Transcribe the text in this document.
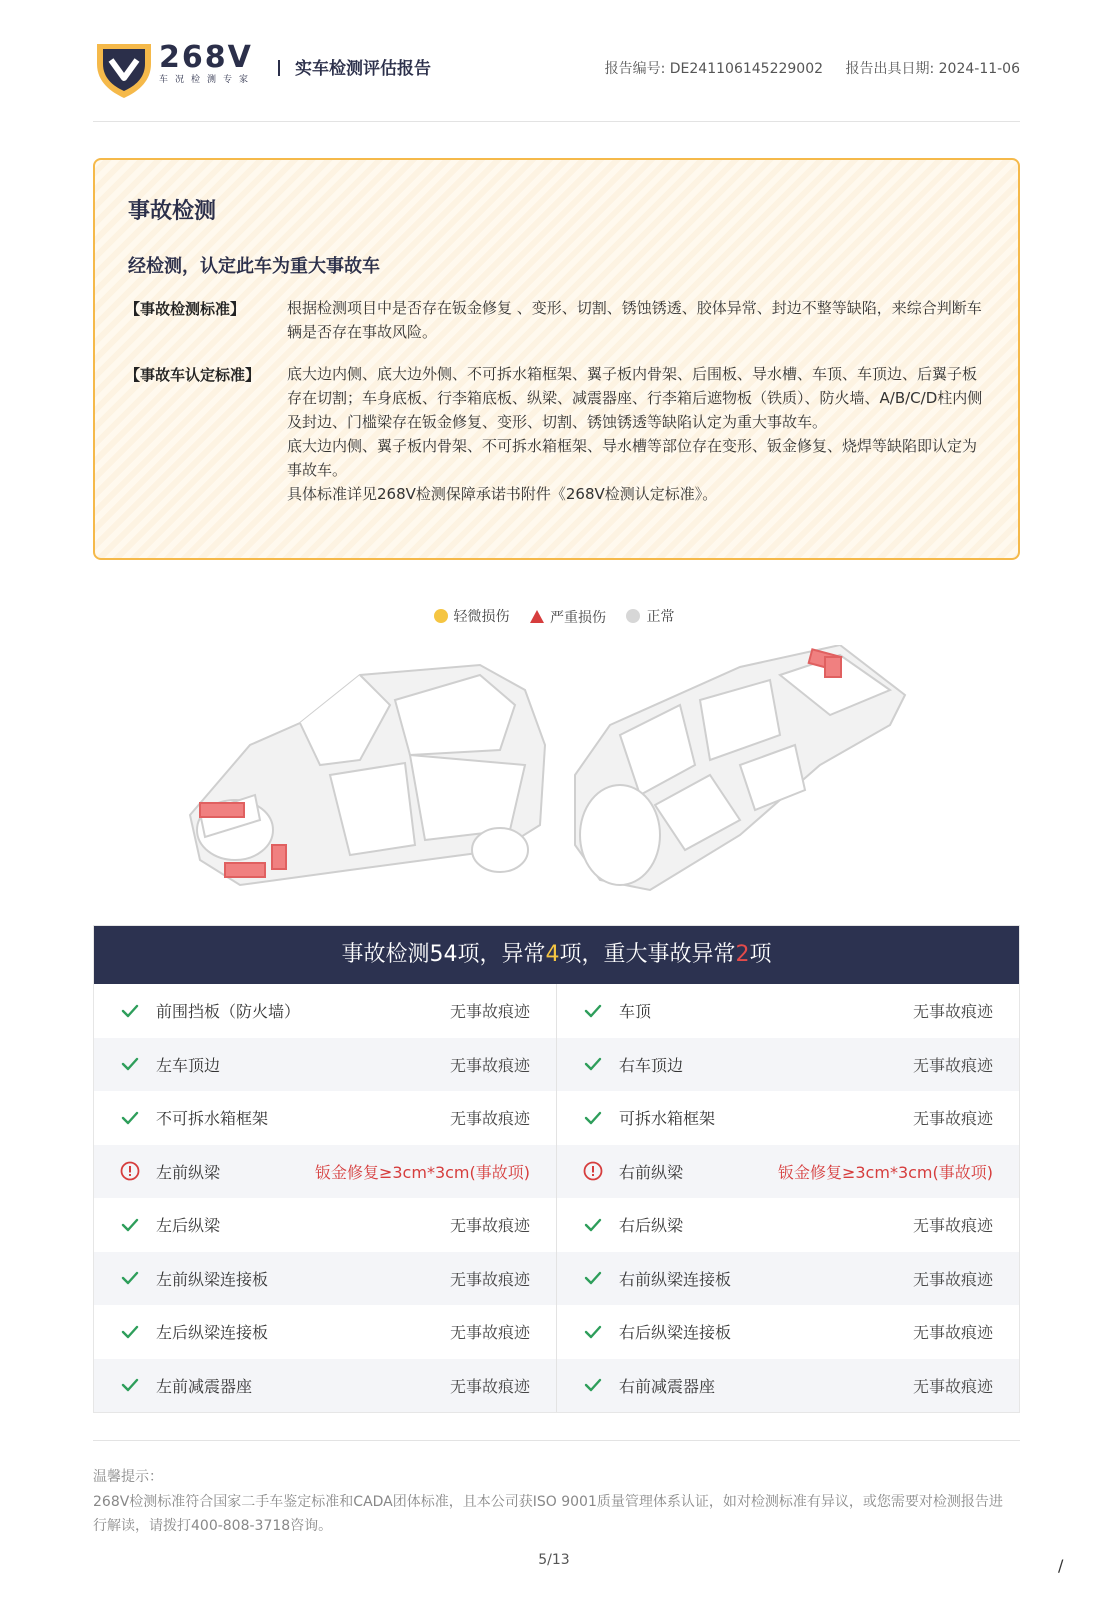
268V
车况检测专家
实车检测评估报告	报告编号: DE241106145229002 报告出具日期: 2024-11-06
事故检测
经检测，认定此车为重大事故车
【事故检测标准】	根据检测项目中是否存在钣金修复 、变形、切割、锈蚀锈透、胶体异常、封边不整等缺陷，来综合判断车辆是否存在事故风险。
【事故车认定标准】 底大边内侧、底大边外侧、不可拆水箱框架、翼子板内骨架、后围板、导水槽、车顶、车顶边、后翼子板存在切割；车身底板、行李箱底板、纵梁、减震器座、行李箱后遮物板（铁质）、防火墙、A/B/C/D柱内侧及封边、门槛梁存在钣金修复、变形、切割、锈蚀锈透等缺陷认定为重大事故车。
底大边内侧、翼子板内骨架、不可拆水箱框架、导水槽等部位存在变形、钣金修复、烧焊等缺陷即认定为事故车。
具体标准详见268V检测保障承诺书附件《268V检测认定标准》。
轻微损伤
	严重损伤
	正常
事故检测54项，异常4项，重大事故异常2项
前围挡板（防火墙）	无事故痕迹	车顶	无事故痕迹
左车顶边	无事故痕迹	右车顶边	无事故痕迹
不可拆水箱框架	无事故痕迹	可拆水箱框架	无事故痕迹
左前纵梁	钣金修复≥3cm*3cm(事故项)	右前纵梁	钣金修复≥3cm*3cm(事故项)
左后纵梁	无事故痕迹	右后纵梁	无事故痕迹
左前纵梁连接板	无事故痕迹	右前纵梁连接板	无事故痕迹
左后纵梁连接板	无事故痕迹	右后纵梁连接板	无事故痕迹
左前减震器座	无事故痕迹	右前减震器座	无事故痕迹
温馨提示：
268V检测标准符合国家二手车鉴定标准和CADA团体标准，且本公司获ISO 9001质量管理体系认证，如对检测标准有异议，或您需要对检测报告进行解读，请拨打400-808-3718咨询。
5/13	/
